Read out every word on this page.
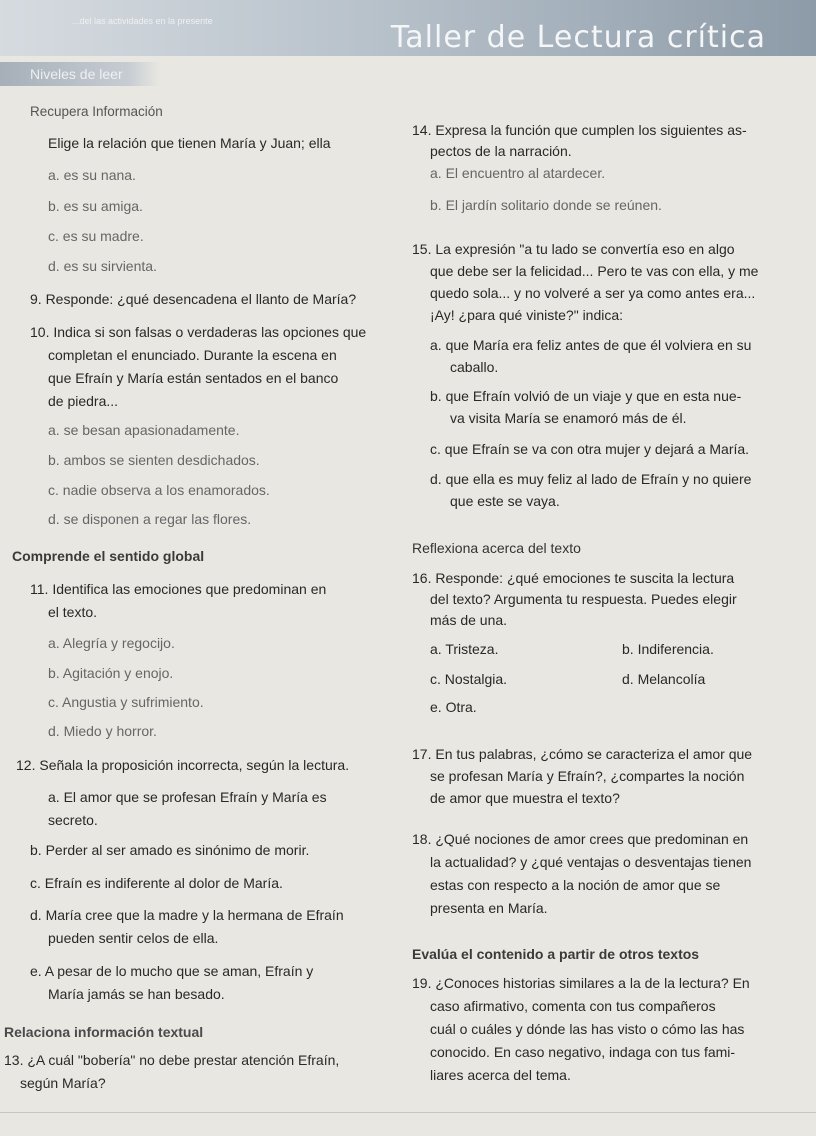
...del las actividades en la presente	Taller de Lectura crítica
Niveles de leer
Recupera Información
Elige la relación que tienen María y Juan; ella
a. es su nana.
b. es su amiga.
c. es su madre.
d. es su sirvienta.
9. Responde: ¿qué desencadena el llanto de María?
10. Indica si son falsas o verdaderas las opciones que
completan el enunciado. Durante la escena en
que Efraín y María están sentados en el banco
de piedra...
a. se besan apasionadamente.
b. ambos se sienten desdichados.
c. nadie observa a los enamorados.
d. se disponen a regar las flores.
Comprende el sentido global
11. Identifica las emociones que predominan en
el texto.
a. Alegría y regocijo.
b. Agitación y enojo.
c. Angustia y sufrimiento.
d. Miedo y horror.
12. Señala la proposición incorrecta, según la lectura.
a. El amor que se profesan Efraín y María es
secreto.
b. Perder al ser amado es sinónimo de morir.
c. Efraín es indiferente al dolor de María.
d. María cree que la madre y la hermana de Efraín
pueden sentir celos de ella.
e. A pesar de lo mucho que se aman, Efraín y
María jamás se han besado.
Relaciona información textual
13. ¿A cuál "bobería" no debe prestar atención Efraín,
según María?
14. Expresa la función que cumplen los siguientes as-
pectos de la narración.
a. El encuentro al atardecer.
b. El jardín solitario donde se reúnen.
15. La expresión "a tu lado se convertía eso en algo
que debe ser la felicidad... Pero te vas con ella, y me
quedo sola... y no volveré a ser ya como antes era...
¡Ay! ¿para qué viniste?" indica:
a. que María era feliz antes de que él volviera en su
caballo.
b. que Efraín volvió de un viaje y que en esta nue-
va visita María se enamoró más de él.
c. que Efraín se va con otra mujer y dejará a María.
d. que ella es muy feliz al lado de Efraín y no quiere
que este se vaya.
Reflexiona acerca del texto
16. Responde: ¿qué emociones te suscita la lectura
del texto? Argumenta tu respuesta. Puedes elegir
más de una.
a. Tristeza.	b. Indiferencia.
c. Nostalgia.	d. Melancolía
e. Otra.
17. En tus palabras, ¿cómo se caracteriza el amor que
se profesan María y Efraín?, ¿compartes la noción
de amor que muestra el texto?
18. ¿Qué nociones de amor crees que predominan en
la actualidad? y ¿qué ventajas o desventajas tienen
estas con respecto a la noción de amor que se
presenta en María.
Evalúa el contenido a partir de otros textos
19. ¿Conoces historias similares a la de la lectura? En
caso afirmativo, comenta con tus compañeros
cuál o cuáles y dónde las has visto o cómo las has
conocido. En caso negativo, indaga con tus fami-
liares acerca del tema.
